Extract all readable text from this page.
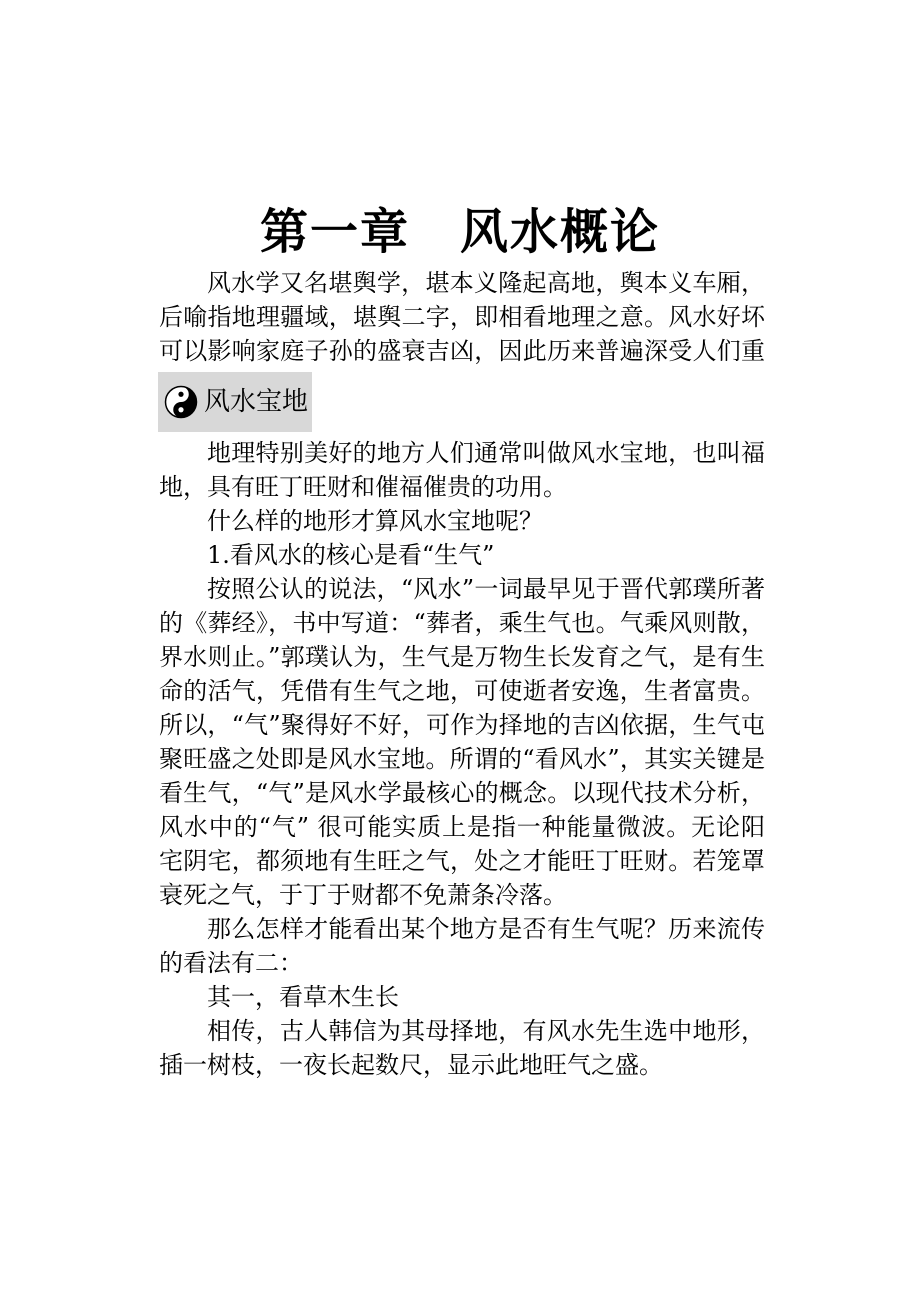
第一章　风水概论

风水学又名堪舆学，堪本义隆起高地，舆本义车厢，后喻指地理疆域，堪舆二字，即相看地理之意。风水好坏可以影响家庭子孙的盛衰吉凶，因此历来普遍深受人们重

风水宝地

地理特别美好的地方人们通常叫做风水宝地，也叫福地，具有旺丁旺财和催福催贵的功用。

什么样的地形才算风水宝地呢？

1.看风水的核心是看“生气”

按照公认的说法，“风水”一词最早见于晋代郭璞所著的《葬经》，书中写道：“葬者，乘生气也。气乘风则散，界水则止。”郭璞认为，生气是万物生长发育之气，是有生命的活气，凭借有生气之地，可使逝者安逸，生者富贵。所以，“气”聚得好不好，可作为择地的吉凶依据，生气屯聚旺盛之处即是风水宝地。所谓的“看风水”，其实关键是看生气，“气”是风水学最核心的概念。以现代技术分析，风水中的“气” 很可能实质上是指一种能量微波。无论阳宅阴宅，都须地有生旺之气，处之才能旺丁旺财。若笼罩衰死之气，于丁于财都不免萧条冷落。

那么怎样才能看出某个地方是否有生气呢？历来流传的看法有二：

其一，看草木生长

相传，古人韩信为其母择地，有风水先生选中地形，插一树枝，一夜长起数尺，显示此地旺气之盛。
